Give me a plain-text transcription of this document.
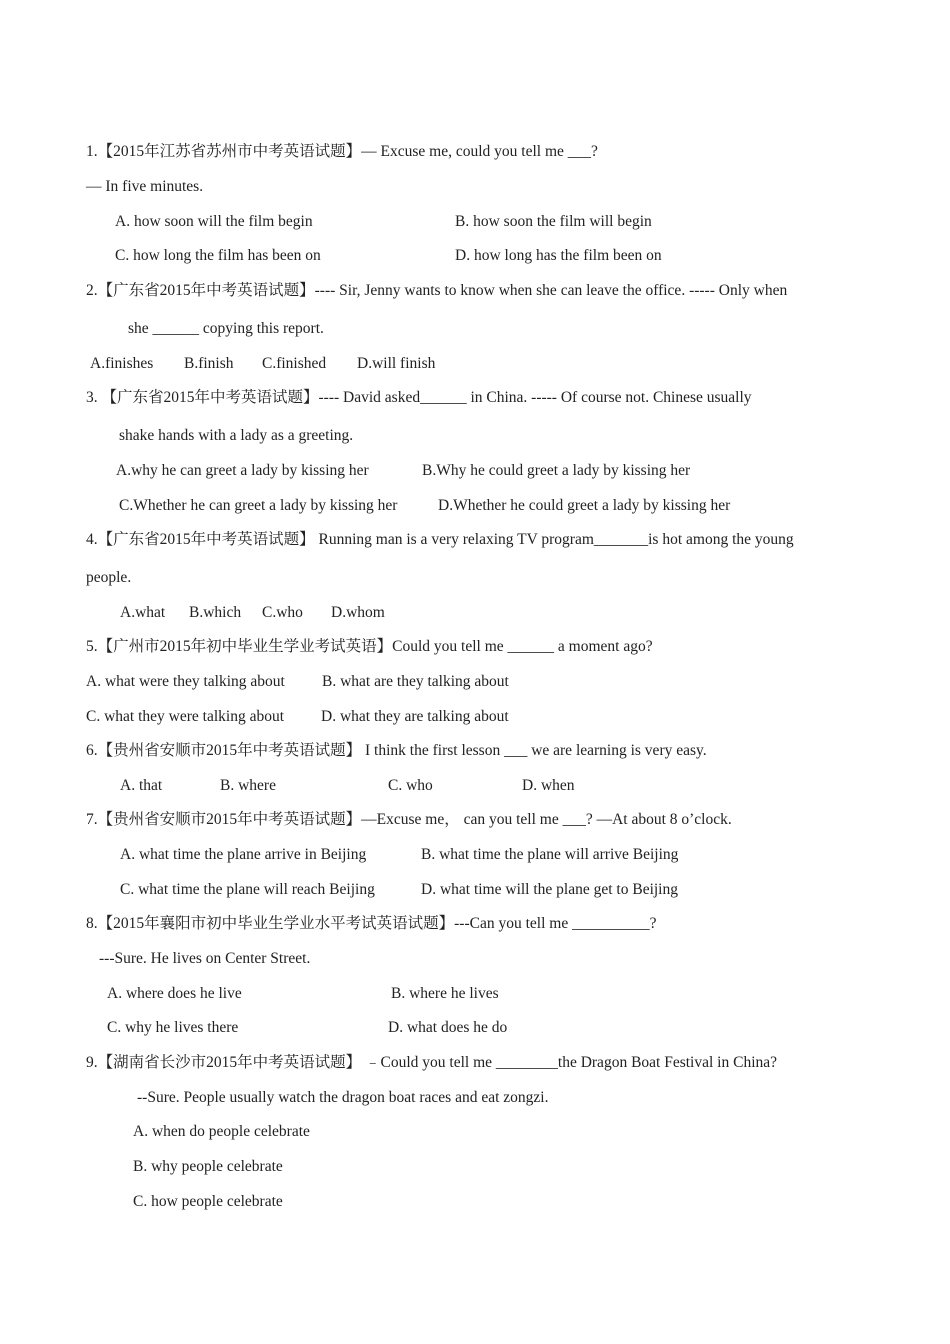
1.【2015年江苏省苏州市中考英语试题】— Excuse me, could you tell me ___?
— In five minutes.
A. how soon will the film begin	B. how soon the film will begin
C. how long the film has been on	D. how long has the film been on
2.【广东省2015年中考英语试题】---- Sir, Jenny wants to know when she can leave the office. ----- Only when
she ______ copying this report.
A.finishes B.finish C.finished D.will finish
3. 【广东省2015年中考英语试题】---- David asked______ in China. ----- Of course not. Chinese usually
shake hands with a lady as a greeting.
A.why he can greet a lady by kissing her	B.Why he could greet a lady by kissing her
C.Whether he can greet a lady by kissing her	D.Whether he could greet a lady by kissing her
4.【广东省2015年中考英语试题】 Running man is a very relaxing TV program_______is hot among the young
people.
A.what B.which C.who D.whom
5.【广州市2015年初中毕业生学业考试英语】Could you tell me ______ a moment ago?
A. what were they talking about B. what are they talking about
C. what they were talking about D. what they are talking about
6.【贵州省安顺市2015年中考英语试题】 I think the first lesson ___ we are learning is very easy.
A. that	B. where	C. who	D. when
7.【贵州省安顺市2015年中考英语试题】—Excuse me， can you tell me ___? —At about 8 o’clock.
A. what time the plane arrive in Beijing	B. what time the plane will arrive Beijing
C. what time the plane will reach Beijing	D. what time will the plane get to Beijing
8.【2015年襄阳市初中毕业生学业水平考试英语试题】---Can you tell me __________?
---Sure. He lives on Center Street.
A. where does he live	B. where he lives
C. why he lives there	D. what does he do
9.【湖南省长沙市2015年中考英语试题】 ﹣Could you tell me ________the Dragon Boat Festival in China?
--Sure. People usually watch the dragon boat races and eat zongzi.
A. when do people celebrate
B. why people celebrate
C. how people celebrate
